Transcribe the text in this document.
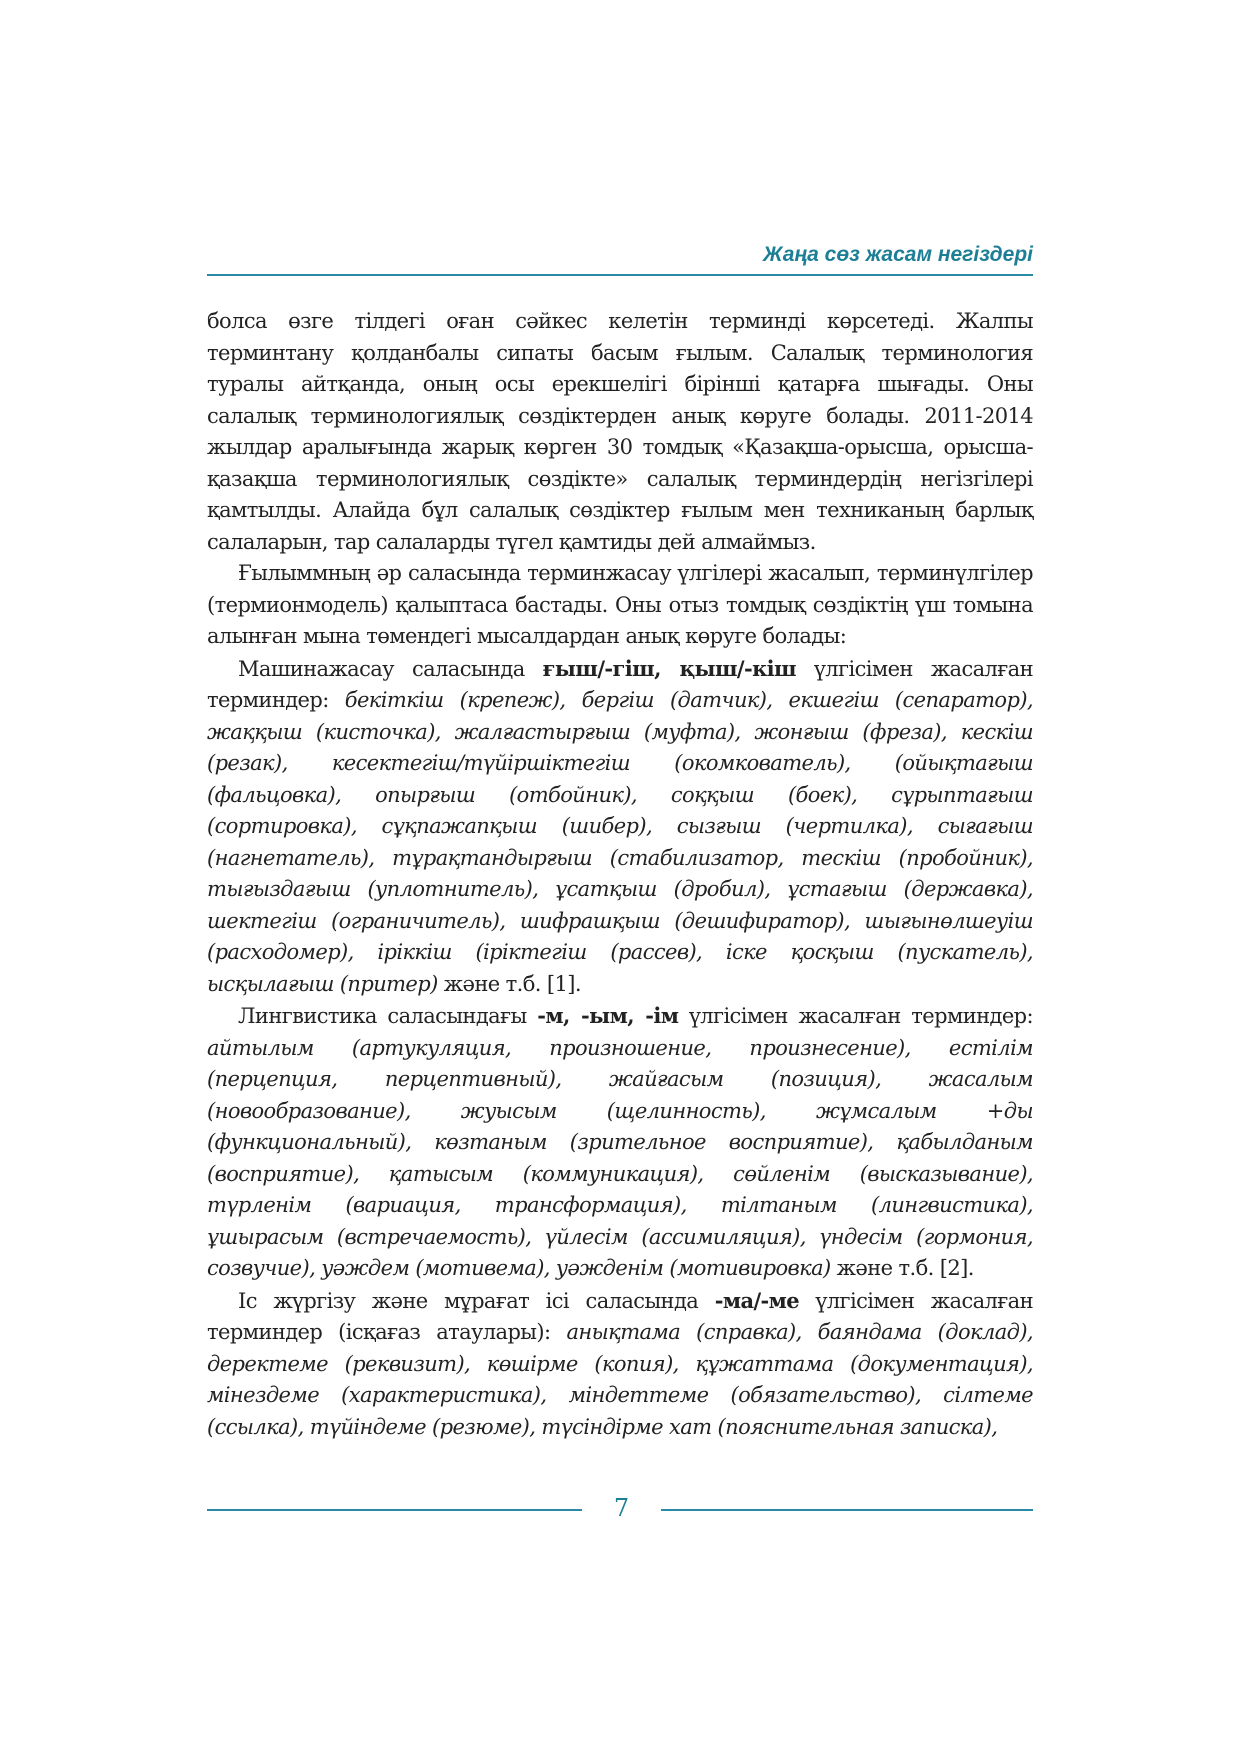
Жаңа сөз жасам негіздері

болса өзге тілдегі оған сәйкес келетін терминді көрсетеді. Жалпы терминтану қолданбалы сипаты басым ғылым. Салалық терминология туралы айтқанда, оның осы ерекшелігі бірінші қатарға шығады. Оны салалық терминологиялық сөздіктерден анық көруге болады. 2011-2014 жылдар аралығында жарық көрген 30 томдық «Қазақша-орысша, орысша-қазақша терминологиялық сөздікте» салалық терминдердің негізгілері қамтылды. Алайда бұл салалық сөздіктер ғылым мен техниканың барлық салаларын, тар салаларды түгел қамтиды дей алмаймыз.

Ғылыммның әр саласында терминжасау үлгілері жасалып, терминүлгілер (термионмодель) қалыптаса бастады. Оны отыз томдық сөздіктің үш томына алынған мына төмендегі мысалдардан анық көруге болады:

Машинажасау саласында ғыш/-гіш, қыш/-кіш үлгісімен жасалған терминдер: бекіткіш (крепеж), бергіш (датчик), екшегіш (сепаратор), жаққыш (кисточка), жалғастырғыш (муфта), жонғыш (фреза), кескіш (резак), кесектегіш/түйіршіктегіш (окомкователь), (ойықтағыш (фальцовка), опырғыш (отбойник), соққыш (боек), сұрыптағыш (сортировка), сұқпажапқыш (шибер), сызғыш (чертилка), сығағыш (нагнетатель), тұрақтандырғыш (стабилизатор, тескіш (пробойник), тығыздағыш (уплотнитель), ұсатқыш (дробил), ұстағыш (державка), шектегіш (ограничитель), шифрашқыш (дешифиратор), шығынөлшеуіш (расходомер), іріккіш (іріктегіш (рассев), іске қосқыш (пускатель), ысқылағыш (притер) және т.б. [1].

Лингвистика саласындағы -м, -ым, -ім үлгісімен жасалған терминдер: айтылым (артукуляция, произношение, произнесение), естілім (перцепция, перцептивный), жайғасым (позиция), жасалым (новообразование), жуысым (щелинность), жұмсалым +ды (функциональный), көзтаным (зрительное восприятие), қабылданым (восприятие), қатысым (коммуникация), сөйленім (высказывание), түрленім (вариация, трансформация), тілтаным (лингвистика), ұшырасым (встречаемость), үйлесім (ассимиляция), үндесім (гормония, созвучие), уәждем (мотивема), уәжденім (мотивировка) және т.б. [2].

Іс жүргізу және мұрағат ісі саласында -ма/-ме үлгісімен жасалған терминдер (ісқағаз атаулары): анықтама (справка), баяндама (доклад), деректеме (реквизит), көшірме (копия), құжаттама (документация), мінездеме (характеристика), міндеттеме (обязательство), сілтеме (ссылка), түйіндеме (резюме), түсіндірме хат (пояснительная записка),

7
